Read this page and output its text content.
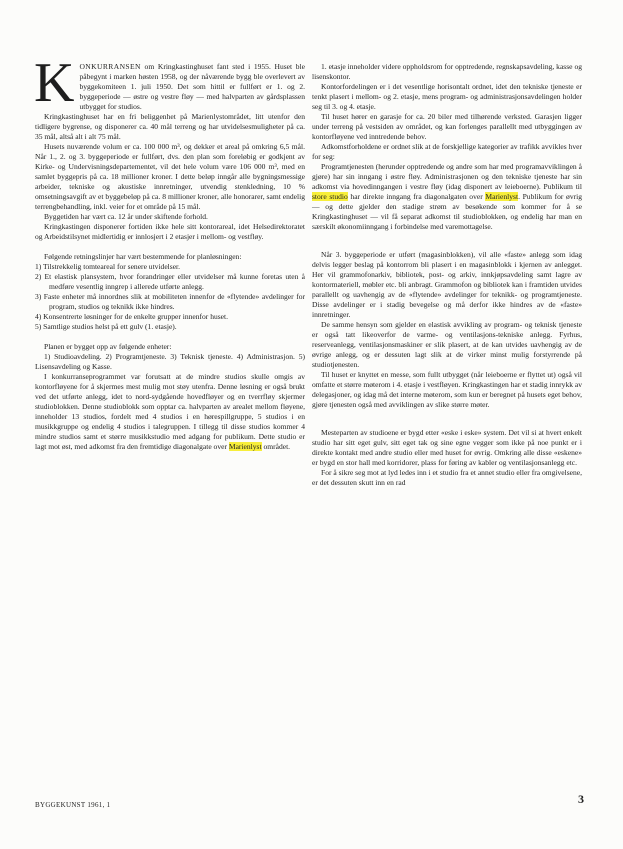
KONKURRANSEN om Kringkastinghuset fant sted i 1955. Huset ble påbegynt i marken høsten 1958, og der nåværende bygg ble overlevert av byggekomiteen 1. juli 1950. Det som hittil er fullført er 1. og 2. byggeperiode — østre og vestre fløy — med halvparten av gårdsplassen utbygget for studios.

Kringkastinghuset har en fri beliggenhet på Marienlystområdet, litt utenfor den tidligere bygrense, og disponerer ca. 40 mål terreng og har utvidelsesmuligheter på ca. 35 mål, altså alt i alt 75 mål.

Husets nuværende volum er ca. 100 000 m³, og dekker et areal på omkring 6,5 mål. Når 1., 2. og 3. byggeperiode er fullført, dvs. den plan som foreløbig er godkjent av Kirke- og Undervisningsdepartementet, vil det hele volum være 106 000 m³, med en samlet byggepris på ca. 18 millioner kroner. I dette beløp inngår alle bygningsmessige arbeider, tekniske og akustiske innretninger, utvendig stenkledning, 10 % omsetningsavgift av et byggebeløp på ca. 8 millioner kroner, alle honorarer, samt endelig terrengbehandling, inkl. veier for et område på 15 mål.

Byggetiden har vært ca. 12 år under skiftende forhold.

Kringkastingen disponerer fortiden ikke hele sitt kontorareal, idet Helsedirektoratet og Arbeidstilsynet midlertidig er innlosjert i 2 etasjer i mellom- og vestfløy.

Følgende retningslinjer har vært bestemmende for planløsningen:

1) Tilstrekkelig tomteareal for senere utvidelser.
2) Et elastisk plansystem, hvor forandringer eller utvidelser må kunne foretas uten å medføre vesentlig inngrep i allerede utførte anlegg.
3) Faste enheter må innordnes slik at mobiliteten innenfor de «flytende» avdelinger for program, studios og teknikk ikke hindres.
4) Konsentrerte løsninger for de enkelte grupper innenfor huset.
5) Samtlige studios helst på ett gulv (1. etasje).

Planen er bygget opp av følgende enheter:

1) Studioavdeling. 2) Programtjeneste. 3) Teknisk tjeneste. 4) Administrasjon. 5) Lisensavdeling og Kasse.

I konkurranseprogrammet var forutsatt at de mindre studios skulle omgis av kontorfløyene for å skjermes mest mulig mot støy utenfra. Denne løsning er også brukt ved det utførte anlegg, idet to nord-sydgående hovedfløyer og en tverrfløy skjermer studioblokken. Denne studioblokk som opptar ca. halvparten av arealet mellom fløyene, inneholder 13 studios, fordelt med 4 studios i en hørespillgruppe, 5 studios i en musikkgruppe og endelig 4 studios i talegruppen. I tillegg til disse studios kommer 4 mindre studios samt et større musikkstudio med adgang for publikum. Dette studio er lagt mot øst, med adkomst fra den fremtidige diagonalgate over Marienlyst området.

1. etasje inneholder videre oppholdsrom for opptredende, regnskapsavdeling, kasse og lisenskontor.

Kontorfordelingen er i det vesentlige horisontalt ordnet, idet den tekniske tjeneste er tenkt plasert i mellom- og 2. etasje, mens program- og administrasjonsavdelingen holder seg til 3. og 4. etasje.

Til huset hører en garasje for ca. 20 biler med tilhørende verksted. Garasjen ligger under terreng på vestsiden av området, og kan forlenges parallellt med utbyggingen av kontorfløyene ved inntredende behov.

Adkomstforholdene er ordnet slik at de forskjellige kategorier av trafikk avvikles hver for seg:

Programtjenesten (herunder opptredende og andre som har med programavviklingen å gjøre) har sin inngang i østre fløy. Administrasjonen og den tekniske tjeneste har sin adkomst via hovedinngangen i vestre fløy (idag disponert av leieboerne). Publikum til store studio har direkte inngang fra diagonalgaten over Marienlyst. Publikum for øvrig — og dette gjelder den stadige strøm av besøkende som kommer for å se Kringkastinghuset — vil få separat adkomst til studioblokken, og endelig har man en særskilt økonomiinngang i forbindelse med varemottagelse.

Når 3. byggeperiode er utført (magasinblokken), vil alle «faste» anlegg som idag delvis legger beslag på kontorrom bli plasert i en magasinblokk i kjernen av anlegget. Her vil grammofonarkiv, bibliotek, post- og arkiv, innkjøpsavdeling samt lagre av kontormateriell, møbler etc. bli anbragt. Grammofon og bibliotek kan i framtiden utvides parallellt og uavhengig av de «flytende» avdelinger for teknikk- og programtjeneste. Disse avdelinger er i stadig bevegelse og må derfor ikke hindres av de «faste» innretninger.

De samme hensyn som gjelder en elastisk avvikling av program- og teknisk tjeneste er også tatt likeoverfor de varme- og ventilasjons-tekniske anlegg. Fyrhus, reserveanlegg, ventilasjonsmaskiner er slik plasert, at de kan utvides uavhengig av de øvrige anlegg, og er dessuten lagt slik at de virker minst mulig forstyrrende på studiotjenesten.

Til huset er knyttet en messe, som fullt utbygget (når leieboerne er flyttet ut) også vil omfatte et større møterom i 4. etasje i vestfløyen. Kringkastingen har et stadig innrykk av delegasjoner, og idag må det interne møterom, som kun er beregnet på husets eget behov, gjøre tjenesten også med avviklingen av slike større møter.

Mesteparten av studioene er bygd etter «eske i eske» system. Det vil si at hvert enkelt studio har sitt eget gulv, sitt eget tak og sine egne vegger som ikke på noe punkt er i direkte kontakt med andre studio eller med huset for øvrig. Omkring alle disse «eskene» er bygd en stor hall med korridorer, plass for føring av kabler og ventilasjonsanlegg etc.

For å sikre seg mot at lyd ledes inn i et studio fra et annet studio eller fra omgivelsene, er det dessuten skutt inn en rad

BYGGEKUNST 1961, 1	3
